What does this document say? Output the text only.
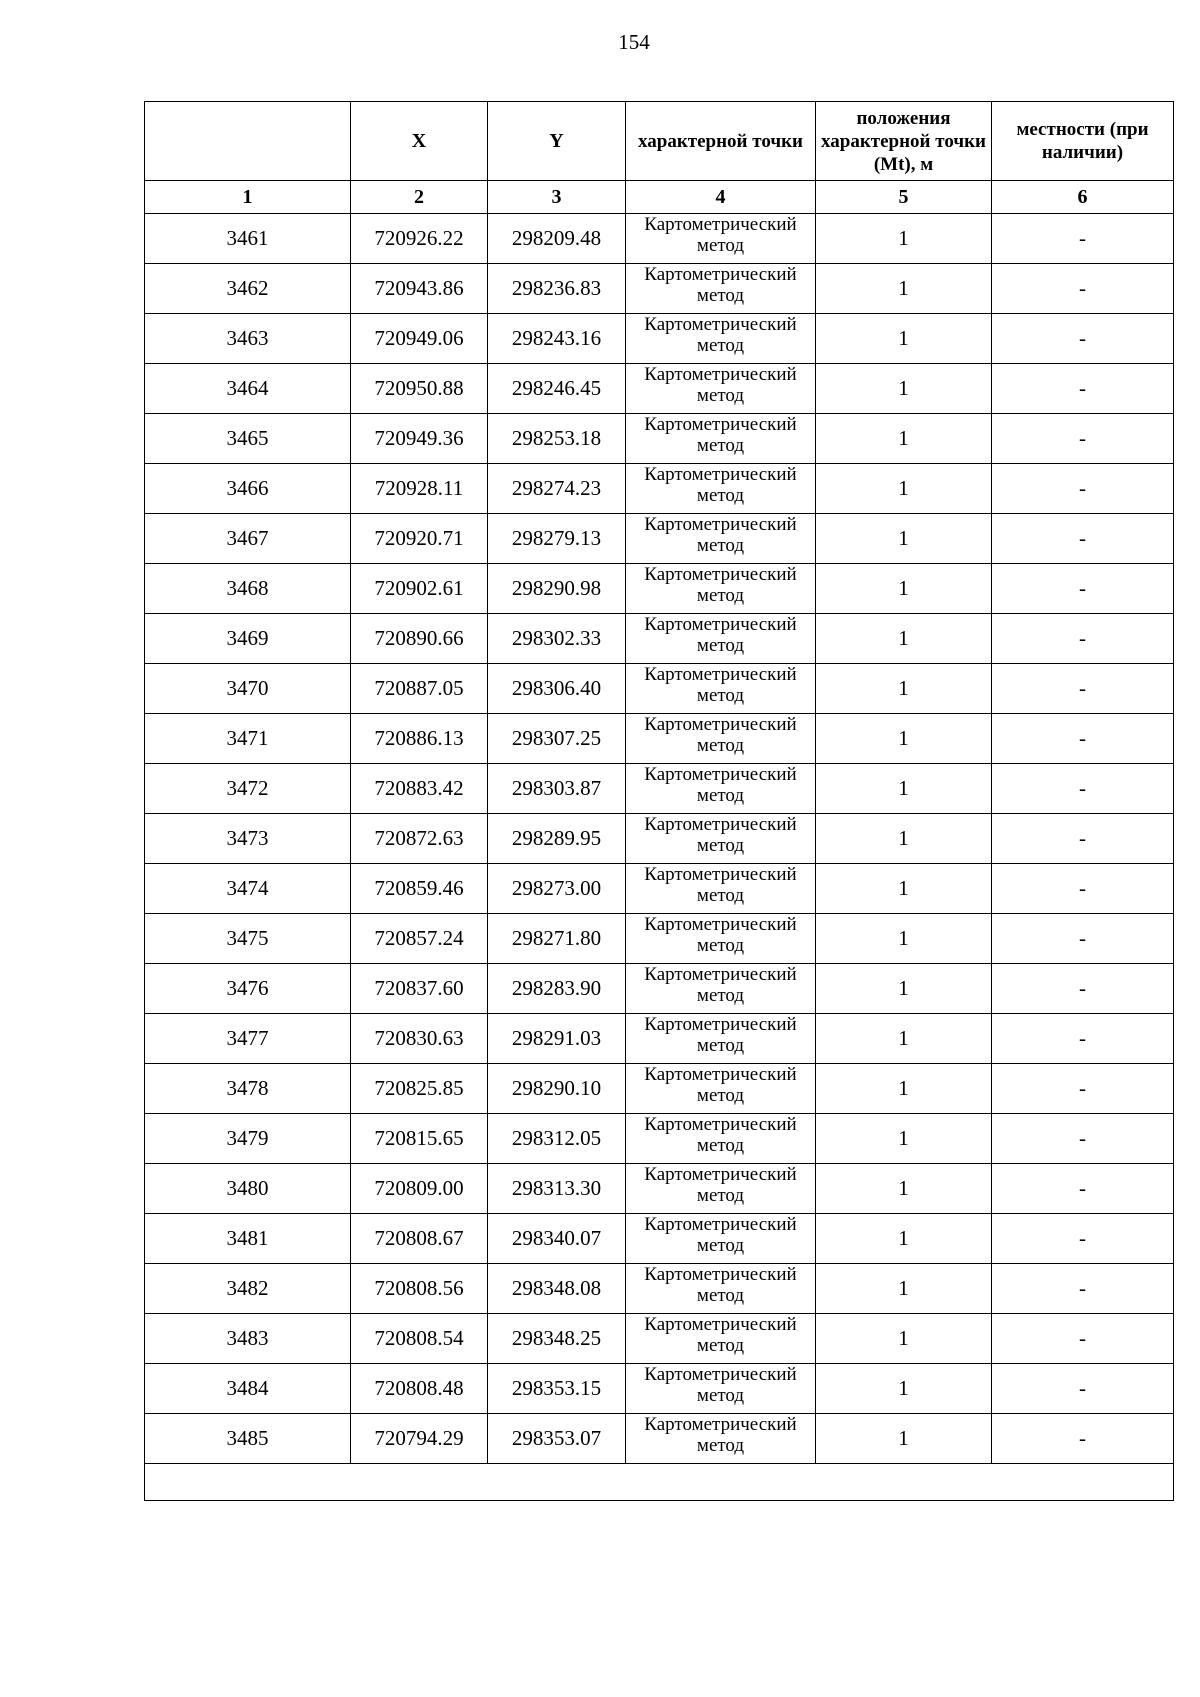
154
	X	Y	характерной точки	положения характерной точки (Mt), м	местности (при наличии)
1	2	3	4	5	6
3461	720926.22	298209.48	Картометрический метод	1	-
3462	720943.86	298236.83	Картометрический метод	1	-
3463	720949.06	298243.16	Картометрический метод	1	-
3464	720950.88	298246.45	Картометрический метод	1	-
3465	720949.36	298253.18	Картометрический метод	1	-
3466	720928.11	298274.23	Картометрический метод	1	-
3467	720920.71	298279.13	Картометрический метод	1	-
3468	720902.61	298290.98	Картометрический метод	1	-
3469	720890.66	298302.33	Картометрический метод	1	-
3470	720887.05	298306.40	Картометрический метод	1	-
3471	720886.13	298307.25	Картометрический метод	1	-
3472	720883.42	298303.87	Картометрический метод	1	-
3473	720872.63	298289.95	Картометрический метод	1	-
3474	720859.46	298273.00	Картометрический метод	1	-
3475	720857.24	298271.80	Картометрический метод	1	-
3476	720837.60	298283.90	Картометрический метод	1	-
3477	720830.63	298291.03	Картометрический метод	1	-
3478	720825.85	298290.10	Картометрический метод	1	-
3479	720815.65	298312.05	Картометрический метод	1	-
3480	720809.00	298313.30	Картометрический метод	1	-
3481	720808.67	298340.07	Картометрический метод	1	-
3482	720808.56	298348.08	Картометрический метод	1	-
3483	720808.54	298348.25	Картометрический метод	1	-
3484	720808.48	298353.15	Картометрический метод	1	-
3485	720794.29	298353.07	Картометрический метод	1	-
